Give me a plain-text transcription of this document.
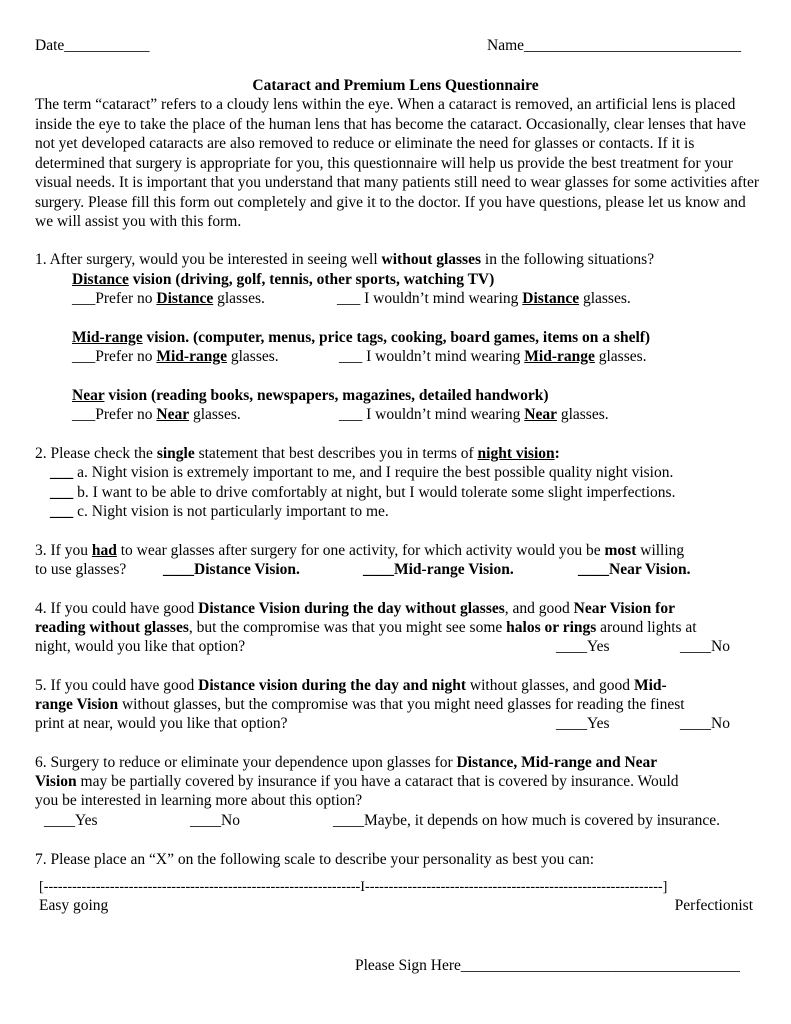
Date___________	Name____________________________
Cataract and Premium Lens Questionnaire
The term “cataract” refers to a cloudy lens within the eye. When a cataract is removed, an artificial lens is placed inside the eye to take the place of the human lens that has become the cataract. Occasionally, clear lenses that have not yet developed cataracts are also removed to reduce or eliminate the need for glasses or contacts. If it is determined that surgery is appropriate for you, this questionnaire will help us provide the best treatment for your visual needs. It is important that you understand that many patients still need to wear glasses for some activities after surgery. Please fill this form out completely and give it to the doctor. If you have questions, please let us know and we will assist you with this form.
1. After surgery, would you be interested in seeing well without glasses in the following situations?
Distance vision (driving, golf, tennis, other sports, watching TV)
___Prefer no Distance glasses.	___ I wouldn’t mind wearing Distance glasses.
Mid-range vision. (computer, menus, price tags, cooking, board games, items on a shelf)
___Prefer no Mid-range glasses.	___ I wouldn’t mind wearing Mid-range glasses.
Near vision (reading books, newspapers, magazines, detailed handwork)
___Prefer no Near glasses.	___ I wouldn’t mind wearing Near glasses.
2. Please check the single statement that best describes you in terms of night vision:
___ a. Night vision is extremely important to me, and I require the best possible quality night vision.
___ b. I want to be able to drive comfortably at night, but I would tolerate some slight imperfections.
___ c. Night vision is not particularly important to me.
3. If you had to wear glasses after surgery for one activity, for which activity would you be most willing
to use glasses? ____Distance Vision.	____Mid-range Vision.	____Near Vision.
4. If you could have good Distance Vision during the day without glasses, and good Near Vision for
reading without glasses, but the compromise was that you might see some halos or rings around lights at
night, would you like that option?	____Yes	____No
5. If you could have good Distance vision during the day and night without glasses, and good Mid-
range Vision without glasses, but the compromise was that you might need glasses for reading the finest
print at near, would you like that option?	____Yes	____No
6. Surgery to reduce or eliminate your dependence upon glasses for Distance, Mid-range and Near
Vision may be partially covered by insurance if you have a cataract that is covered by insurance. Would
you be interested in learning more about this option?
____Yes	____No	____Maybe, it depends on how much is covered by insurance.
7. Please place an “X” on the following scale to describe your personality as best you can:
[-------------------------------------------------------------------I---------------------------------------------------------------]
Easy going	Perfectionist
Please Sign Here____________________________________
